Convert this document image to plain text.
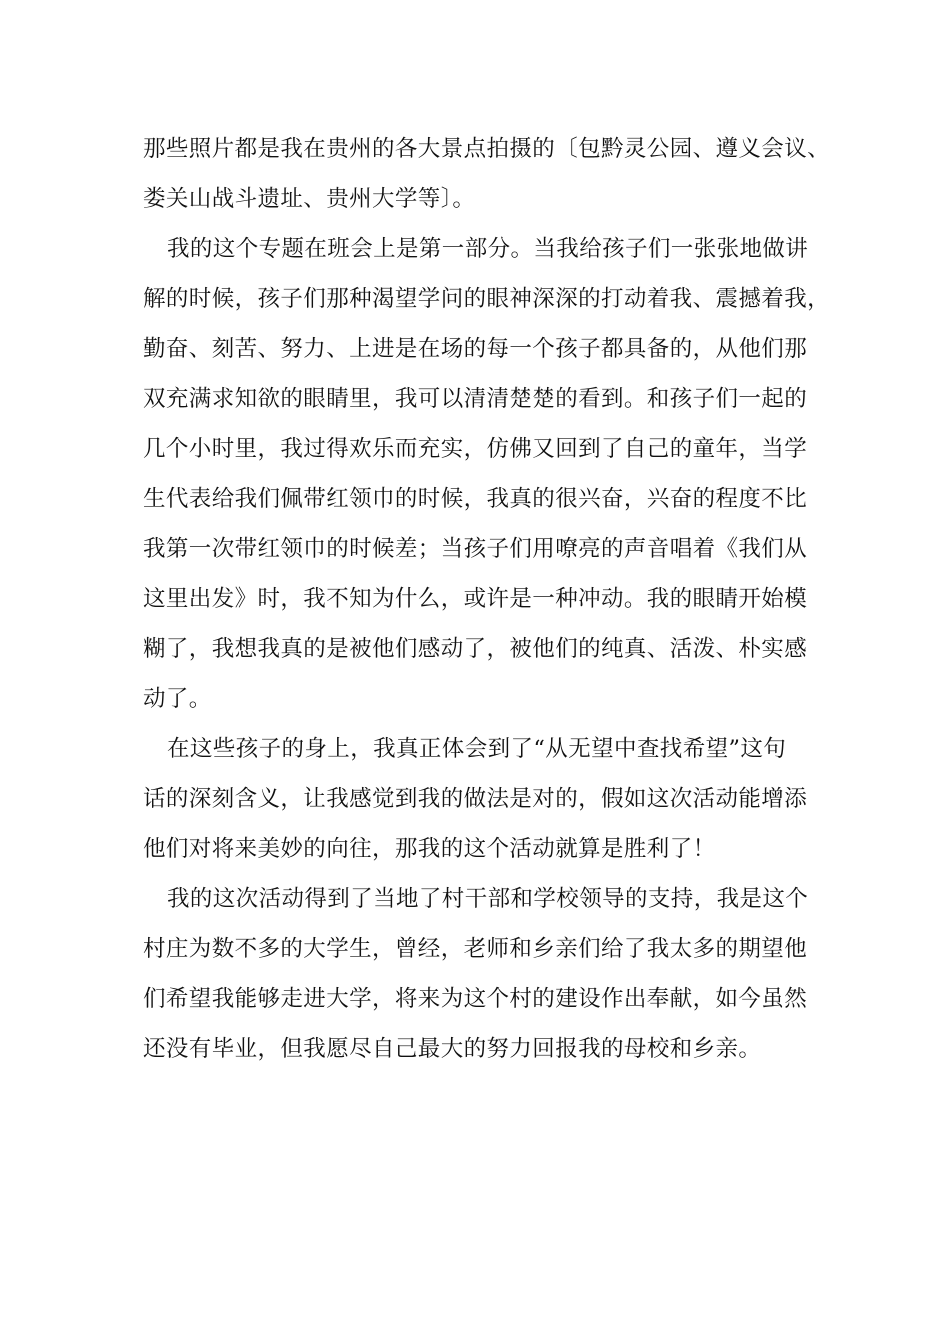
那些照片都是我在贵州的各大景点拍摄的〔包黔灵公园、遵义会议、
娄关山战斗遗址、贵州大学等〕。
我的这个专题在班会上是第一部分。当我给孩子们一张张地做讲
解的时候，孩子们那种渴望学问的眼神深深的打动着我、震撼着我，
勤奋、刻苦、努力、上进是在场的每一个孩子都具备的，从他们那
双充满求知欲的眼睛里，我可以清清楚楚的看到。和孩子们一起的
几个小时里，我过得欢乐而充实，仿佛又回到了自己的童年，当学
生代表给我们佩带红领巾的时候，我真的很兴奋，兴奋的程度不比
我第一次带红领巾的时候差；当孩子们用嘹亮的声音唱着《我们从
这里出发》时，我不知为什么，或许是一种冲动。我的眼睛开始模
糊了，我想我真的是被他们感动了，被他们的纯真、活泼、朴实感
动了。
在这些孩子的身上，我真正体会到了“从无望中查找希望”这句
话的深刻含义，让我感觉到我的做法是对的，假如这次活动能增添
他们对将来美妙的向往，那我的这个活动就算是胜利了！
我的这次活动得到了当地了村干部和学校领导的支持，我是这个
村庄为数不多的大学生，曾经，老师和乡亲们给了我太多的期望他
们希望我能够走进大学，将来为这个村的建设作出奉献，如今虽然
还没有毕业，但我愿尽自己最大的努力回报我的母校和乡亲。
